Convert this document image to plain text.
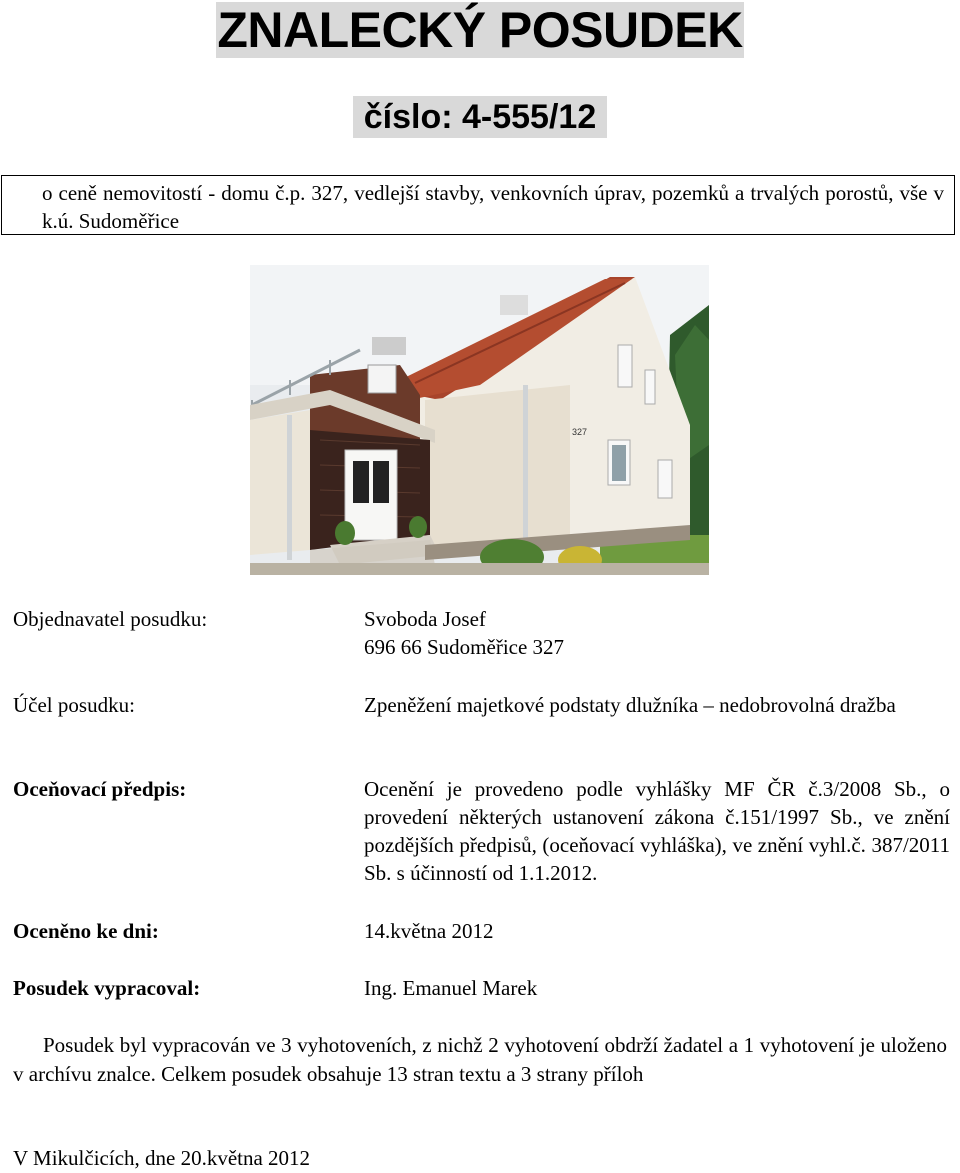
ZNALECKÝ POSUDEK
číslo: 4-555/12
o ceně nemovitostí - domu č.p. 327, vedlejší stavby, venkovních úprav, pozemků a trvalých porostů, vše v k.ú. Sudoměřice
327
Objednavatel posudku:	Svoboda Josef
696 66 Sudoměřice 327
Účel posudku:	Zpeněžení majetkové podstaty dlužníka – nedobrovolná dražba
Oceňovací předpis:	Ocenění je provedeno podle vyhlášky MF ČR č.3/2008 Sb., o provedení některých ustanovení zákona č.151/1997 Sb., ve znění pozdějších předpisů, (oceňovací vyhláška), ve znění vyhl.č. 387/2011 Sb. s účinností od 1.1.2012.
Oceněno ke dni:	14.května 2012
Posudek vypracoval:	Ing. Emanuel Marek
Posudek byl vypracován ve 3 vyhotoveních, z nichž 2 vyhotovení obdrží žadatel a 1 vyhotovení je uloženo v archívu znalce. Celkem posudek obsahuje 13 stran textu a 3 strany příloh
V Mikulčicích, dne 20.května 2012
